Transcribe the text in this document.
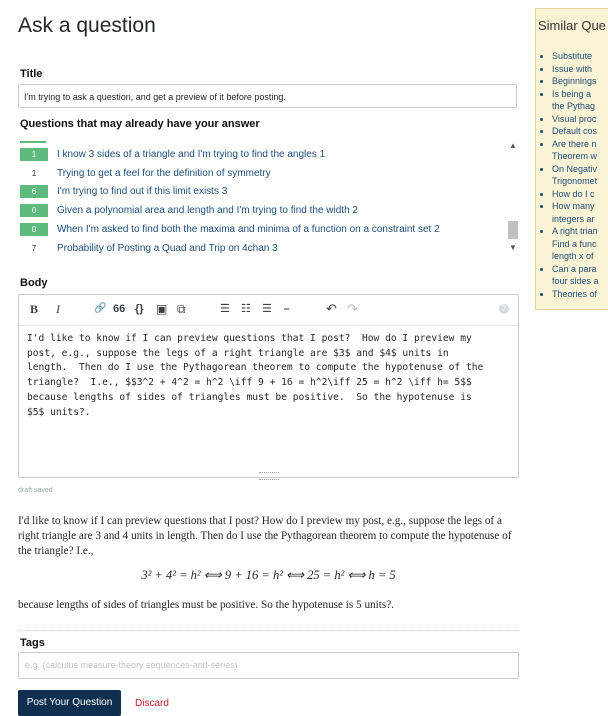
Ask a question
Title
I'm trying to ask a question, and get a preview of it before posting.
Questions that may already have your answer
1	I know 3 sides of a triangle and I'm trying to find the angles 1
1	Trying to get a feel for the definition of symmetry
6	I'm trying to find out if this limit exists 3
0	Given a polynomial area and length and I'm trying to find the width 2
0	When I'm asked to find both the maxima and minima of a function on a constraint set 2
7	Probability of Posting a Quad and Trip on 4chan 3
▲
▼
Body
B I	🔗 66 {} ▣ ⧉	☰ ☷ ☰ ⎯	↶ ↷	?
I'd like to know if I can preview questions that I post?  How do I preview my
post, e.g., suppose the legs of a right triangle are $3$ and $4$ units in
length.  Then do I use the Pythagorean theorem to compute the hypotenuse of the
triangle?  I.e., $$3^2 + 4^2 = h^2 \iff 9 + 16 = h^2\iff 25 = h^2 \iff h= 5$$
because lengths of sides of triangles must be positive.  So the hypotenuse is
$5$ units?.
draft saved
I'd like to know if I can preview questions that I post? How do I preview my post, e.g., suppose the legs of a right triangle are 3 and 4 units in length. Then do I use the Pythagorean theorem to compute the hypotenuse of the triangle? I.e.,
3² + 4² = h² ⟺ 9 + 16 = h² ⟺ 25 = h² ⟺ h = 5
because lengths of sides of triangles must be positive. So the hypotenuse is 5 units?.
Tags
e.g. (calculus measure-theory sequences-and-series)
Post Your Question	Discard
Similar Que
• Substitute
• Issue with
• Beginnings
• Is being a
the Pythag
• Visual proc
• Default cos
• Are there n
Theorem w
• On Negativ
Trigonomet
• How do I c
• How many
integers ar
• A right trian
Find a func
length x of
• Can a para
four sides a
• Theories of
